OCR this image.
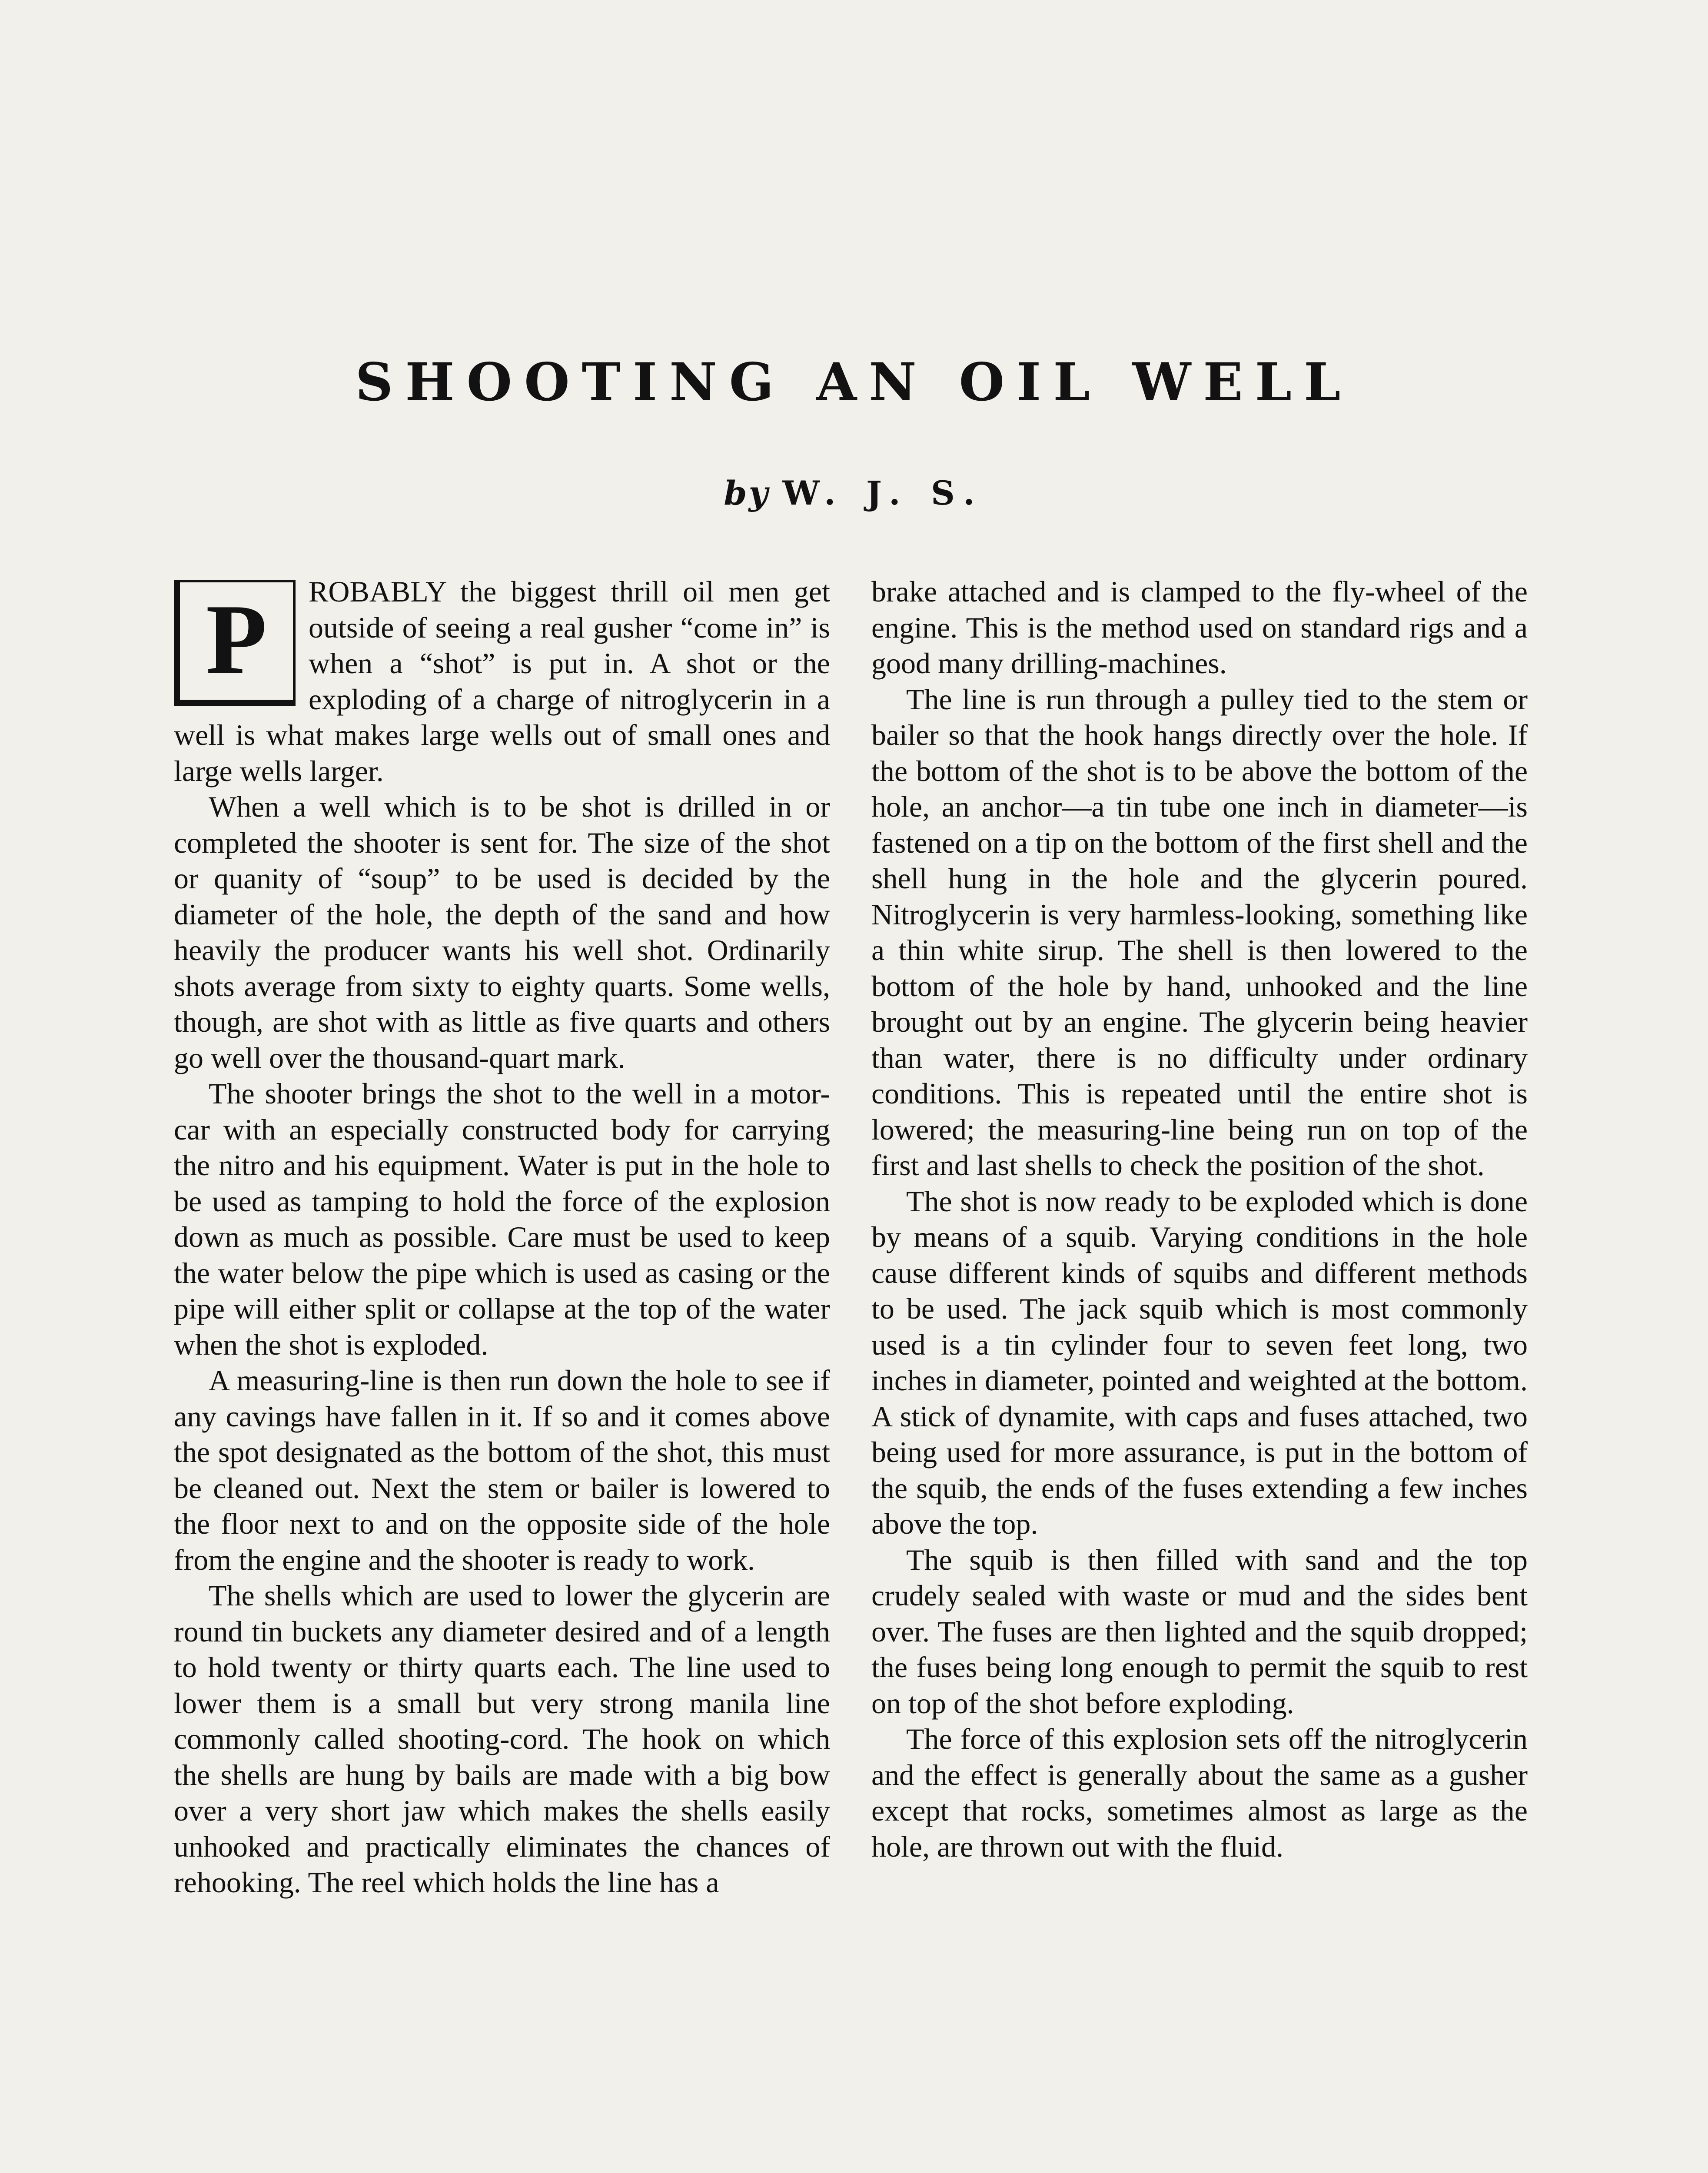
SHOOTING AN OIL WELL
by W. J. S.
P	ROBABLY the biggest thrill oil men get outside of seeing a real gusher “come in” is when a “shot” is put in. A shot or the exploding of a charge of nitroglycerin in a well is what makes large wells out of small ones and large wells larger.

When a well which is to be shot is drilled in or completed the shooter is sent for. The size of the shot or quanity of “soup” to be used is decided by the diameter of the hole, the depth of the sand and how heavily the producer wants his well shot. Ordinarily shots average from sixty to eighty quarts. Some wells, though, are shot with as little as five quarts and others go well over the thousand-quart mark.

The shooter brings the shot to the well in a motor-car with an especially constructed body for carrying the nitro and his equipment. Water is put in the hole to be used as tamping to hold the force of the explosion down as much as possible. Care must be used to keep the water below the pipe which is used as casing or the pipe will either split or collapse at the top of the water when the shot is exploded.

A measuring-line is then run down the hole to see if any cavings have fallen in it. If so and it comes above the spot designated as the bottom of the shot, this must be cleaned out. Next the stem or bailer is lowered to the floor next to and on the opposite side of the hole from the engine and the shooter is ready to work.

The shells which are used to lower the glycerin are round tin buckets any diameter desired and of a length to hold twenty or thirty quarts each. The line used to lower them is a small but very strong manila line commonly called shooting-cord. The hook on which the shells are hung by bails are made with a big bow over a very short jaw which makes the shells easily unhooked and practically eliminates the chances of rehooking. The reel which holds the line has a

brake attached and is clamped to the fly-wheel of the engine. This is the method used on standard rigs and a good many drilling-machines.

The line is run through a pulley tied to the stem or bailer so that the hook hangs directly over the hole. If the bottom of the shot is to be above the bottom of the hole, an anchor—a tin tube one inch in diameter—is fastened on a tip on the bottom of the first shell and the shell hung in the hole and the glycerin poured. Nitroglycerin is very harmless-looking, something like a thin white sirup. The shell is then lowered to the bottom of the hole by hand, unhooked and the line brought out by an engine. The glycerin being heavier than water, there is no difficulty under ordinary conditions. This is repeated until the entire shot is lowered; the measuring-line being run on top of the first and last shells to check the position of the shot.

The shot is now ready to be exploded which is done by means of a squib. Varying conditions in the hole cause different kinds of squibs and different methods to be used. The jack squib which is most commonly used is a tin cylinder four to seven feet long, two inches in diameter, pointed and weighted at the bottom. A stick of dynamite, with caps and fuses attached, two being used for more assurance, is put in the bottom of the squib, the ends of the fuses extending a few inches above the top.

The squib is then filled with sand and the top crudely sealed with waste or mud and the sides bent over. The fuses are then lighted and the squib dropped; the fuses being long enough to permit the squib to rest on top of the shot before exploding.

The force of this explosion sets off the nitroglycerin and the effect is generally about the same as a gusher except that rocks, sometimes almost as large as the hole, are thrown out with the fluid.
